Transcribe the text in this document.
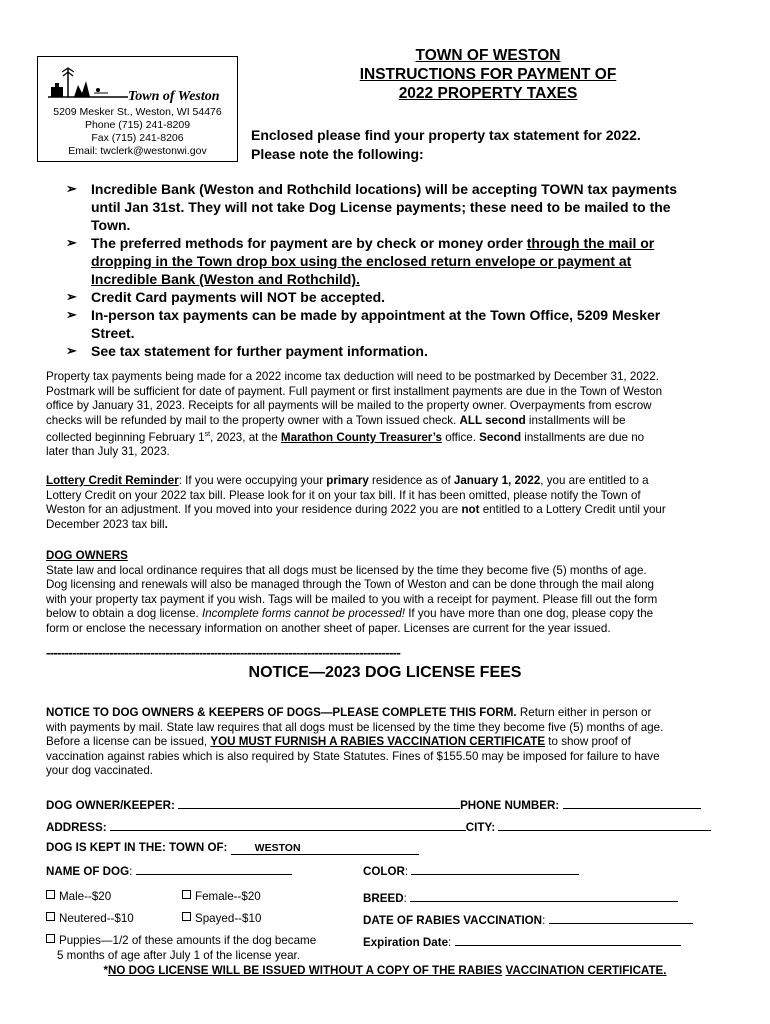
Town of Weston
5209 Mesker St., Weston, WI 54476
Phone (715) 241-8209
Fax (715) 241-8206
Email: twclerk@westonwi.gov
TOWN OF WESTON
INSTRUCTIONS FOR PAYMENT OF
2022 PROPERTY TAXES
Enclosed please find your property tax statement for 2022.
Please note the following:
➢ Incredible Bank (Weston and Rothchild locations) will be accepting TOWN tax payments
until Jan 31st. They will not take Dog License payments; these need to be mailed to the
Town.
➢ The preferred methods for payment are by check or money order through the mail or
dropping in the Town drop box using the enclosed return envelope or payment at
Incredible Bank (Weston and Rothchild).
➢ Credit Card payments will NOT be accepted.
➢ In-person tax payments can be made by appointment at the Town Office, 5209 Mesker
Street.
➢ See tax statement for further payment information.
Property tax payments being made for a 2022 income tax deduction will need to be postmarked by December 31, 2022.
Postmark will be sufficient for date of payment. Full payment or first installment payments are due in the Town of Weston
office by January 31, 2023. Receipts for all payments will be mailed to the property owner. Overpayments from escrow
checks will be refunded by mail to the property owner with a Town issued check. ALL second installments will be
collected beginning February 1st, 2023, at the Marathon County Treasurer’s office. Second installments are due no
later than July 31, 2023.
Lottery Credit Reminder: If you were occupying your primary residence as of January 1, 2022, you are entitled to a
Lottery Credit on your 2022 tax bill. Please look for it on your tax bill. If it has been omitted, please notify the Town of
Weston for an adjustment. If you moved into your residence during 2022 you are not entitled to a Lottery Credit until your
December 2023 tax bill.
DOG OWNERS
State law and local ordinance requires that all dogs must be licensed by the time they become five (5) months of age.
Dog licensing and renewals will also be managed through the Town of Weston and can be done through the mail along
with your property tax payment if you wish. Tags will be mailed to you with a receipt for payment. Please fill out the form
below to obtain a dog license. Incomplete forms cannot be processed! If you have more than one dog, please copy the
form or enclose the necessary information on another sheet of paper. Licenses are current for the year issued.
-----------------------------------------------------------------------------------------------
NOTICE—2023 DOG LICENSE FEES
NOTICE TO DOG OWNERS & KEEPERS OF DOGS—PLEASE COMPLETE THIS FORM. Return either in person or
with payments by mail. State law requires that all dogs must be licensed by the time they become five (5) months of age.
Before a license can be issued, YOU MUST FURNISH A RABIES VACCINATION CERTIFICATE to show proof of
vaccination against rabies which is also required by State Statutes. Fines of $155.50 may be imposed for failure to have
your dog vaccinated.
DOG OWNER/KEEPER:	PHONE NUMBER:
ADDRESS:	CITY:
DOG IS KEPT IN THE: TOWN OF:	WESTON
NAME OF DOG:	COLOR:
Male--$20	Female--$20	BREED:
Neutered--$10	Spayed--$10	DATE OF RABIES VACCINATION:
Puppies—1/2 of these amounts if the dog became
5 months of age after July 1 of the license year.
Expiration Date:
*NO DOG LICENSE WILL BE ISSUED WITHOUT A COPY OF THE RABIES VACCINATION CERTIFICATE.
